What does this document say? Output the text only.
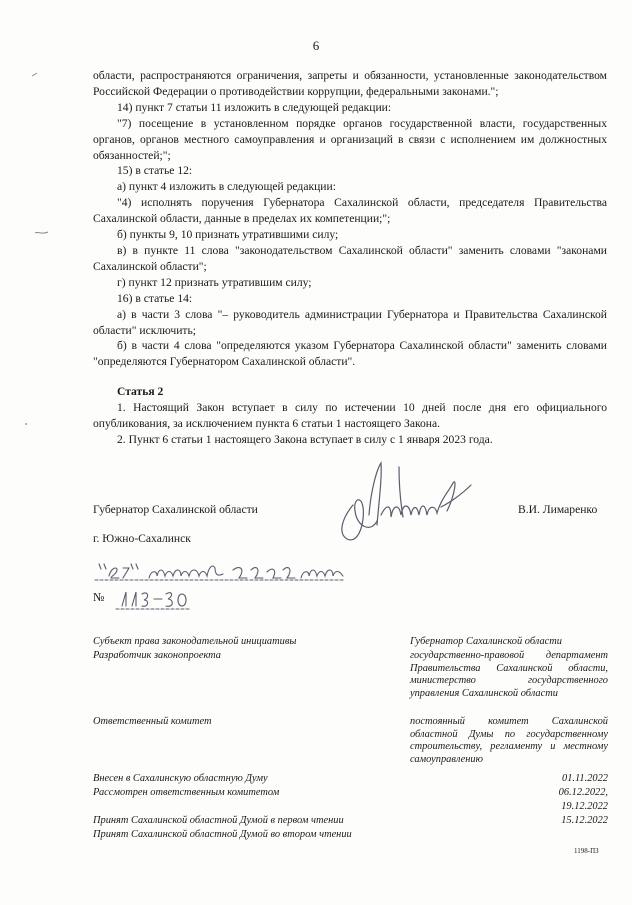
6

области, распространяются ограничения, запреты и обязанности, установленные законодательством Российской Федерации о противодействии коррупции, федеральными законами.";

14) пункт 7 статьи 11 изложить в следующей редакции:

"7) посещение в установленном порядке органов государственной власти, государственных органов, органов местного самоуправления и организаций в связи с исполнением им должностных обязанностей;";

15) в статье 12:

а) пункт 4 изложить в следующей редакции:

"4) исполнять поручения Губернатора Сахалинской области, председателя Правительства Сахалинской области, данные в пределах их компетенции;";

б) пункты 9, 10 признать утратившими силу;

в) в пункте 11 слова "законодательством Сахалинской области" заменить словами "законами Сахалинской области";

г) пункт 12 признать утратившим силу;

16) в статье 14:

а) в части 3 слова "– руководитель администрации Губернатора и Правительства Сахалинской области" исключить;

б) в части 4 слова "определяются указом Губернатора Сахалинской области" заменить словами "определяются Губернатором Сахалинской области".

Статья 2

1. Настоящий Закон вступает в силу по истечении 10 дней после дня его официального опубликования, за исключением пункта 6 статьи 1 настоящего Закона.

2. Пункт 6 статьи 1 настоящего Закона вступает в силу с 1 января 2023 года.

Губернатор Сахалинской области	В.И. Лимаренко
г. Южно-Сахалинск
№
Субъект права законодательной инициативы	Губернатор Сахалинской области
Разработчик законопроекта	государственно-правовой департамент Правительства Сахалинской области, министерство государственного управления Сахалинской области
Ответственный комитет	постоянный комитет Сахалинской областной Думы по государственному строительству, регламенту и местному самоуправлению
Внесен в Сахалинскую областную Думу	01.11.2022
Рассмотрен ответственным комитетом	06.12.2022,
19.12.2022
Принят Сахалинской областной Думой в первом чтении	15.12.2022
Принят Сахалинской областной Думой во втором чтении
1198-ПЗ
